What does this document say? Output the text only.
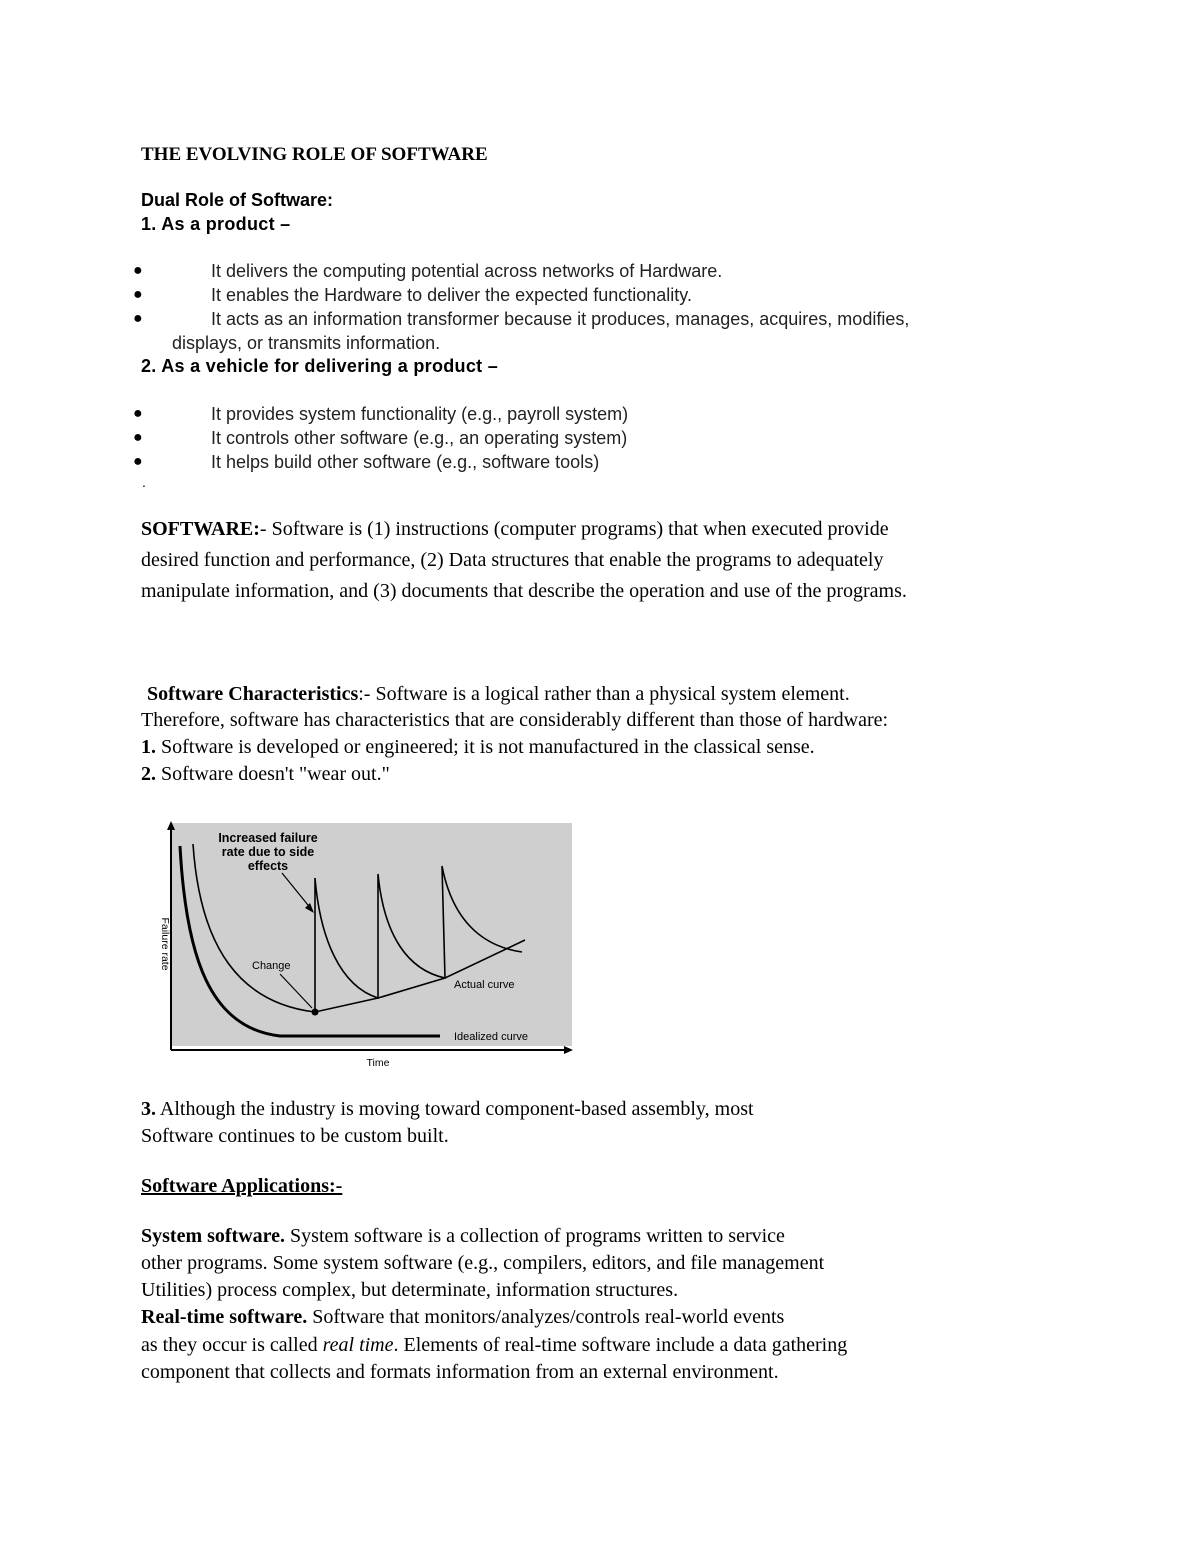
THE EVOLVING ROLE OF SOFTWARE
Dual Role of Software:
1. As a product –
●	It delivers the computing potential across networks of Hardware.
●	It enables the Hardware to deliver the expected functionality.
●	It acts as an information transformer because it produces, manages, acquires, modifies,
displays, or transmits information.
2. As a vehicle for delivering a product –
●	It provides system functionality (e.g., payroll system)
●	It controls other software (e.g., an operating system)
●	It helps build other software (e.g., software tools)
.
SOFTWARE:- Software is (1) instructions (computer programs) that when executed provide
desired function and performance, (2) Data structures that enable the programs to adequately
manipulate information, and (3) documents that describe the operation and use of the programs.
Software Characteristics:- Software is a logical rather than a physical system element.
Therefore, software has characteristics that are considerably different than those of hardware:
1. Software is developed or engineered; it is not manufactured in the classical sense.
2. Software doesn't "wear out."
Increased failure
rate due to side
effects
Change
Actual curve
Idealized curve
Failure rate
Time
3. Although the industry is moving toward component-based assembly, most
Software continues to be custom built.
Software Applications:-
System software. System software is a collection of programs written to service
other programs. Some system software (e.g., compilers, editors, and file management
Utilities) process complex, but determinate, information structures.
Real-time software. Software that monitors/analyzes/controls real-world events
as they occur is called real time. Elements of real-time software include a data gathering
component that collects and formats information from an external environment.
